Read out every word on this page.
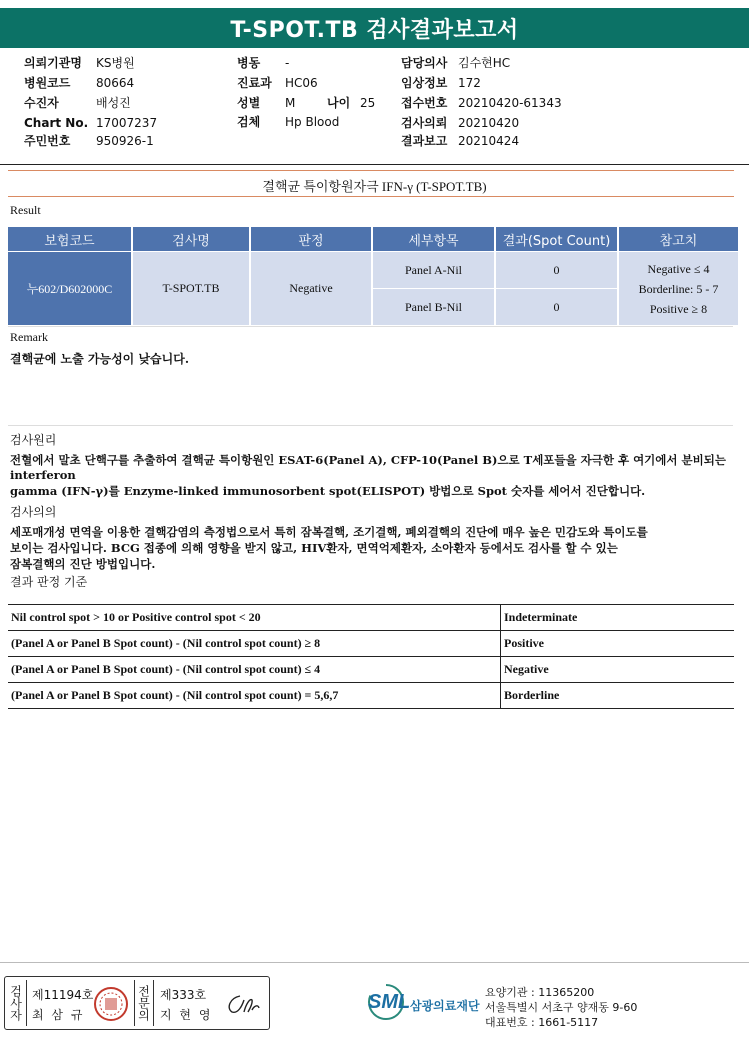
T-SPOT.TB 검사결과보고서
의뢰기관명 KS병원
병원코드 80664
수진자	배성진
Chart No. 17007237
주민번호 950926-1
병동 -
진료과 HC06
성별 M	나이 25
검체 Hp Blood
담당의사 김수현HC
임상정보 172
접수번호 20210420-61343
검사의뢰 20210420
결과보고 20210424
결핵균 특이항원자극 IFN-γ (T-SPOT.TB)
Result
보험코드	검사명	판정	세부항목	결과(Spot Count)	참고치
누602/D602000C	T-SPOT.TB	Negative	Panel A-Nil	0	Negative ≤ 4
Borderline: 5 - 7
Positive ≥ 8

			Panel B-Nil	0	
Remark
결핵균에 노출 가능성이 낮습니다.
검사원리
전혈에서 말초 단핵구를 추출하여 결핵균 특이항원인 ESAT-6(Panel A), CFP-10(Panel B)으로 T세포들을 자극한 후 여기에서 분비되는
interferon
gamma (IFN-γ)를 Enzyme-linked immunosorbent spot(ELISPOT) 방법으로 Spot 숫자를 세어서 진단합니다.
검사의의
세포매개성 면역을 이용한 결핵감염의 측정법으로서 특히 잠복결핵, 조기결핵, 폐외결핵의 진단에 매우 높은 민감도와 특이도를
보이는 검사입니다. BCG 접종에 의해 영향을 받지 않고, HIV환자, 면역억제환자, 소아환자 등에서도 검사를 할 수 있는
잠복결핵의 진단 방법입니다.
결과 판정 기준
Nil control spot > 10 or Positive control spot < 20	Indeterminate
(Panel A or Panel B Spot count) - (Nil control spot count) ≥ 8	Positive
(Panel A or Panel B Spot count) - (Nil control spot count) ≤ 4	Negative
(Panel A or Panel B Spot count) - (Nil control spot count) = 5,6,7	Borderline
검사자 제11194호
최 삼 규	전문의 제333호
지 현 영
SML 삼광의료재단
요양기관 : 11365200
서울특별시 서초구 양재동 9-60
대표번호 : 1661-5117
